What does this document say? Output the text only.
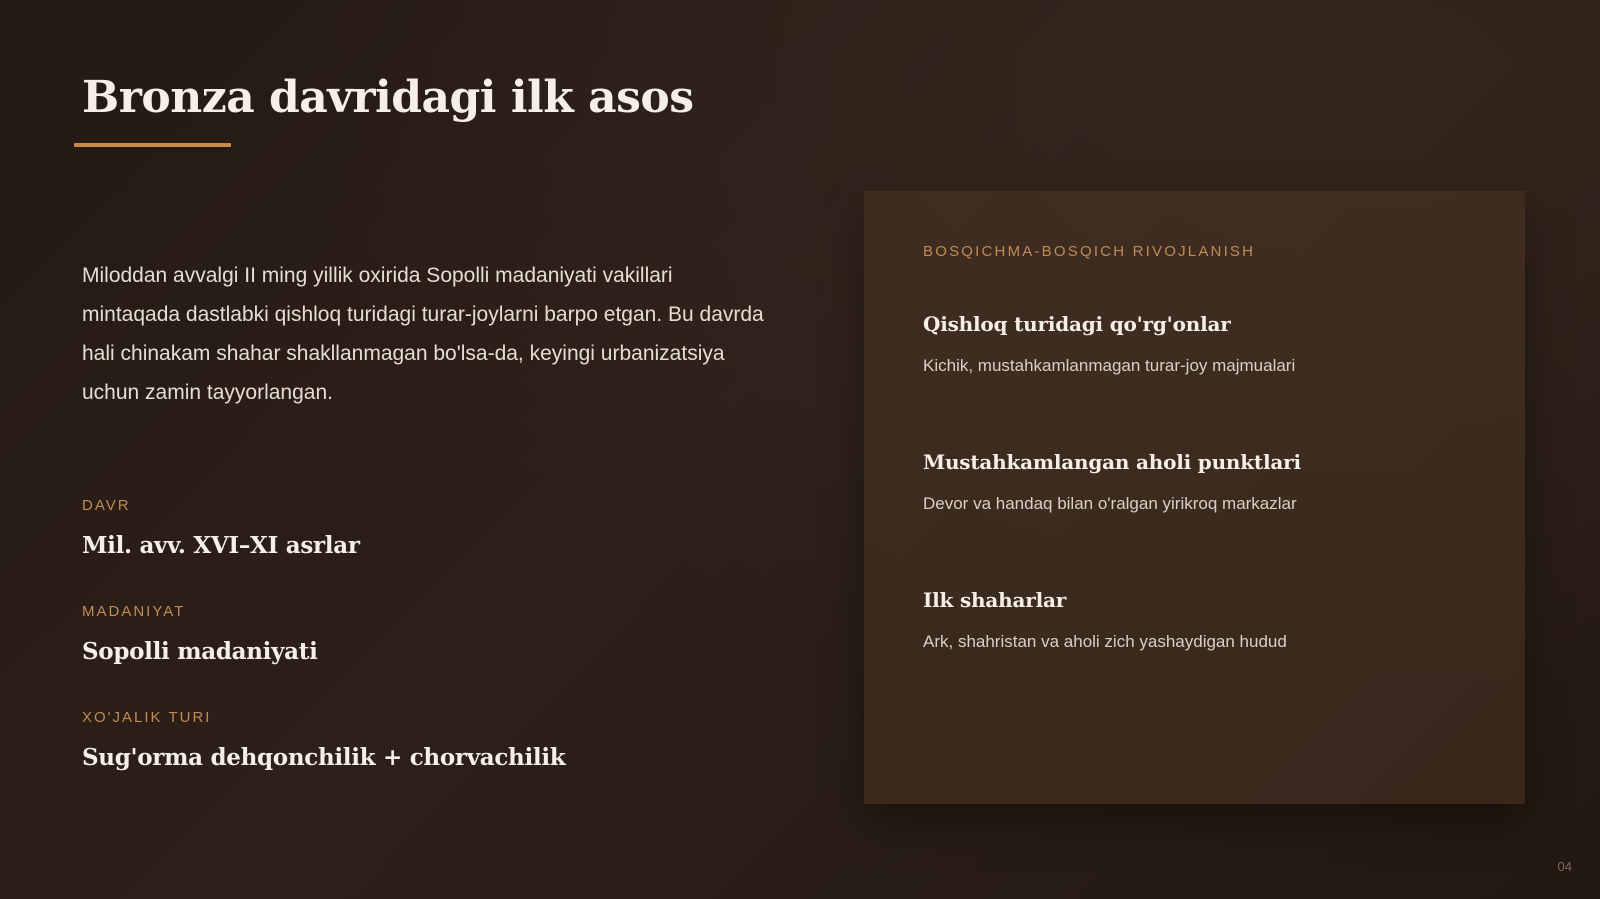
Bronza davridagi ilk asos

Miloddan avvalgi II ming yillik oxirida Sopolli madaniyati vakillari mintaqada dastlabki qishloq turidagi turar-joylarni barpo etgan. Bu davrda hali chinakam shahar shakllanmagan bo'lsa-da, keyingi urbanizatsiya uchun zamin tayyorlangan.

DAVR
Mil. avv. XVI–XI asrlar
MADANIYAT
Sopolli madaniyati
XO'JALIK TURI
Sug'orma dehqonchilik + chorvachilik
BOSQICHMA-BOSQICH RIVOJLANISH
Qishloq turidagi qo'rg'onlar
Kichik, mustahkamlanmagan turar-joy majmualari
Mustahkamlangan aholi punktlari
Devor va handaq bilan o'ralgan yirikroq markazlar
Ilk shaharlar
Ark, shahristan va aholi zich yashaydigan hudud
04
